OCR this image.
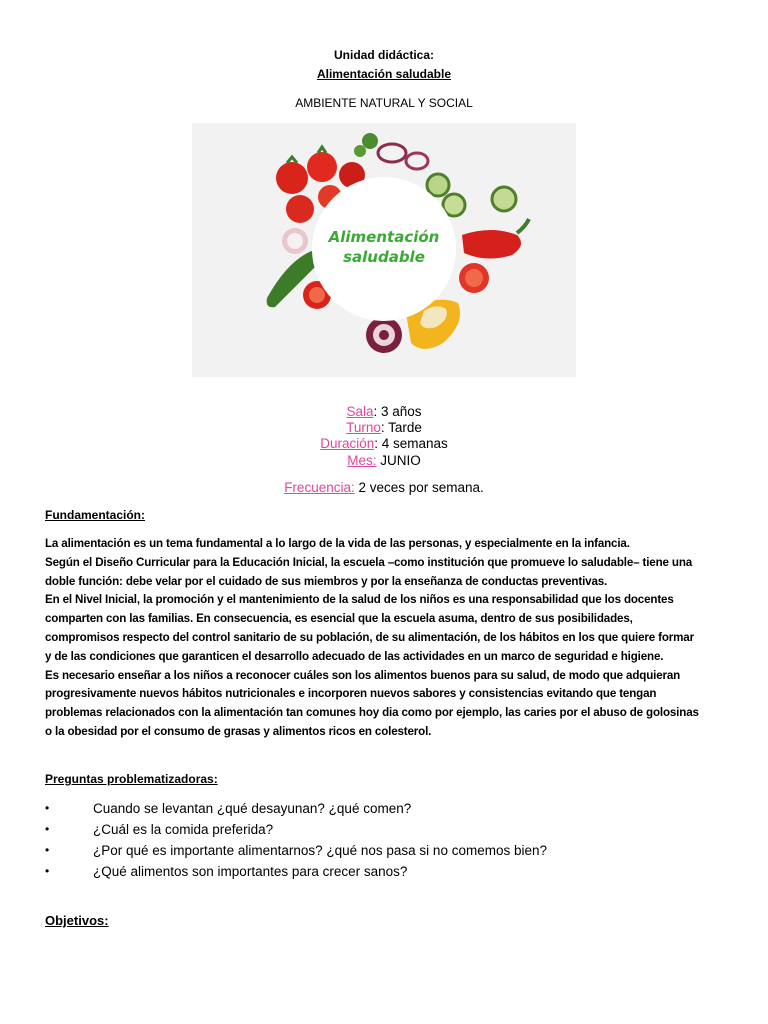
Unidad didáctica:
Alimentación saludable
AMBIENTE NATURAL Y SOCIAL
Alimentación
saludable
Sala: 3 años
Turno: Tarde
Duración: 4 semanas
Mes: JUNIO
Frecuencia: 2 veces por semana.
Fundamentación:
La alimentación es un tema fundamental a lo largo de la vida de las personas, y especialmente en la infancia.
Según el Diseño Curricular para la Educación Inicial, la escuela –como institución que promueve lo saludable– tiene una
doble función: debe velar por el cuidado de sus miembros y por la enseñanza de conductas preventivas.
En el Nivel Inicial, la promoción y el mantenimiento de la salud de los niños es una responsabilidad que los docentes
comparten con las familias. En consecuencia, es esencial que la escuela asuma, dentro de sus posibilidades,
compromisos respecto del control sanitario de su población, de su alimentación, de los hábitos en los que quiere formar
y de las condiciones que garanticen el desarrollo adecuado de las actividades en un marco de seguridad e higiene.
Es necesario enseñar a los niños a reconocer cuáles son los alimentos buenos para su salud, de modo que adquieran
progresivamente nuevos hábitos nutricionales e incorporen nuevos sabores y consistencias evitando que tengan
problemas relacionados con la alimentación tan comunes hoy dia como por ejemplo, las caries por el abuso de golosinas
o la obesidad por el consumo de grasas y alimentos ricos en colesterol.
Preguntas problematizadoras:
•	Cuando se levantan ¿qué desayunan? ¿qué comen?
•	¿Cuál es la comida preferida?
•	¿Por qué es importante alimentarnos? ¿qué nos pasa si no comemos bien?
•	¿Qué alimentos son importantes para crecer sanos?
Objetivos:
